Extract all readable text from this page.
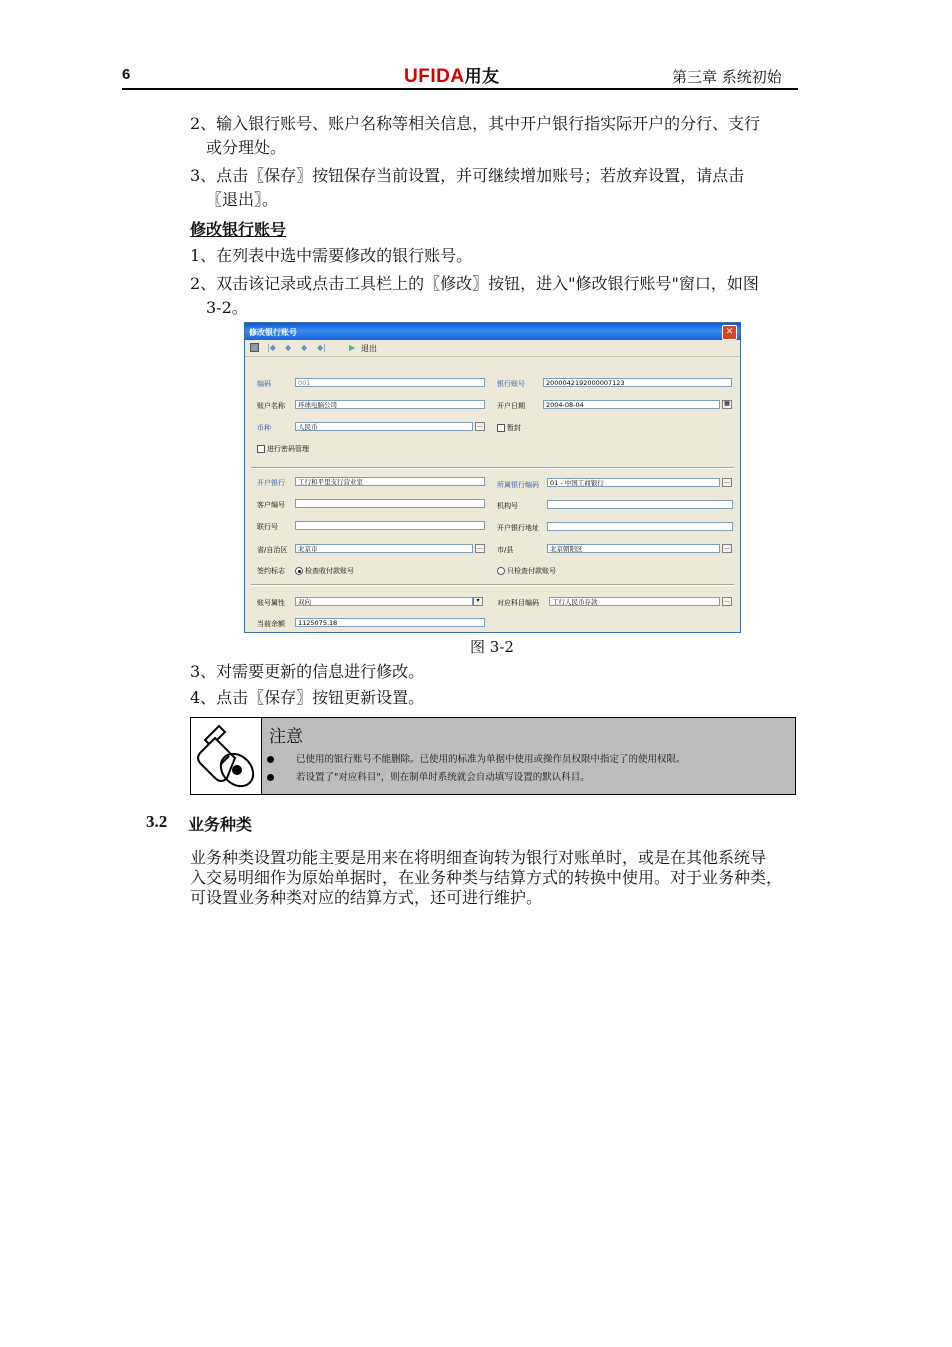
6	UFIDA用友	第三章 系统初始
2、输入银行账号、账户名称等相关信息，其中开户银行指实际开户的分行、支行
或分理处。
3、点击〖保存〗按钮保存当前设置，并可继续增加账号；若放弃设置，请点击
〖退出〗。
修改银行账号
1、在列表中选中需要修改的银行账号。
2、双击该记录或点击工具栏上的〖修改〗按钮，进入"修改银行账号"窗口，如图
3-2。
修改银行账号	✕
|◆ ◆ ◆ ◆|	▶ 退出
编码	001	银行账号	2000042192000007123
账户名称	环球电脑公司	开户日期	2004-08-04	▦
币种	人民币	...	暂封
进行密码管理
开户银行	工行和平里支行营业室	所属银行编码	01 - 中国工商银行	...
客户编号	机构号
联行号	开户银行地址
省/自治区	北京市	...	市/县	北京朝阳区	...
签约标志	检查收付款账号	只检查付款账号
账号属性	双向	▾	对应科目编码	工行人民币存款	...
当前余额	1125075.18
图 3-2
3、对需要更新的信息进行修改。
4、点击〖保存〗按钮更新设置。
注意
已使用的银行账号不能删除。已使用的标准为单据中使用或操作员权限中指定了的使用权限。
若设置了"对应科目"，则在制单时系统就会自动填写设置的默认科目。
3.2 业务种类
业务种类设置功能主要是用来在将明细查询转为银行对账单时，或是在其他系统导
入交易明细作为原始单据时，在业务种类与结算方式的转换中使用。对于业务种类，
可设置业务种类对应的结算方式，还可进行维护。
